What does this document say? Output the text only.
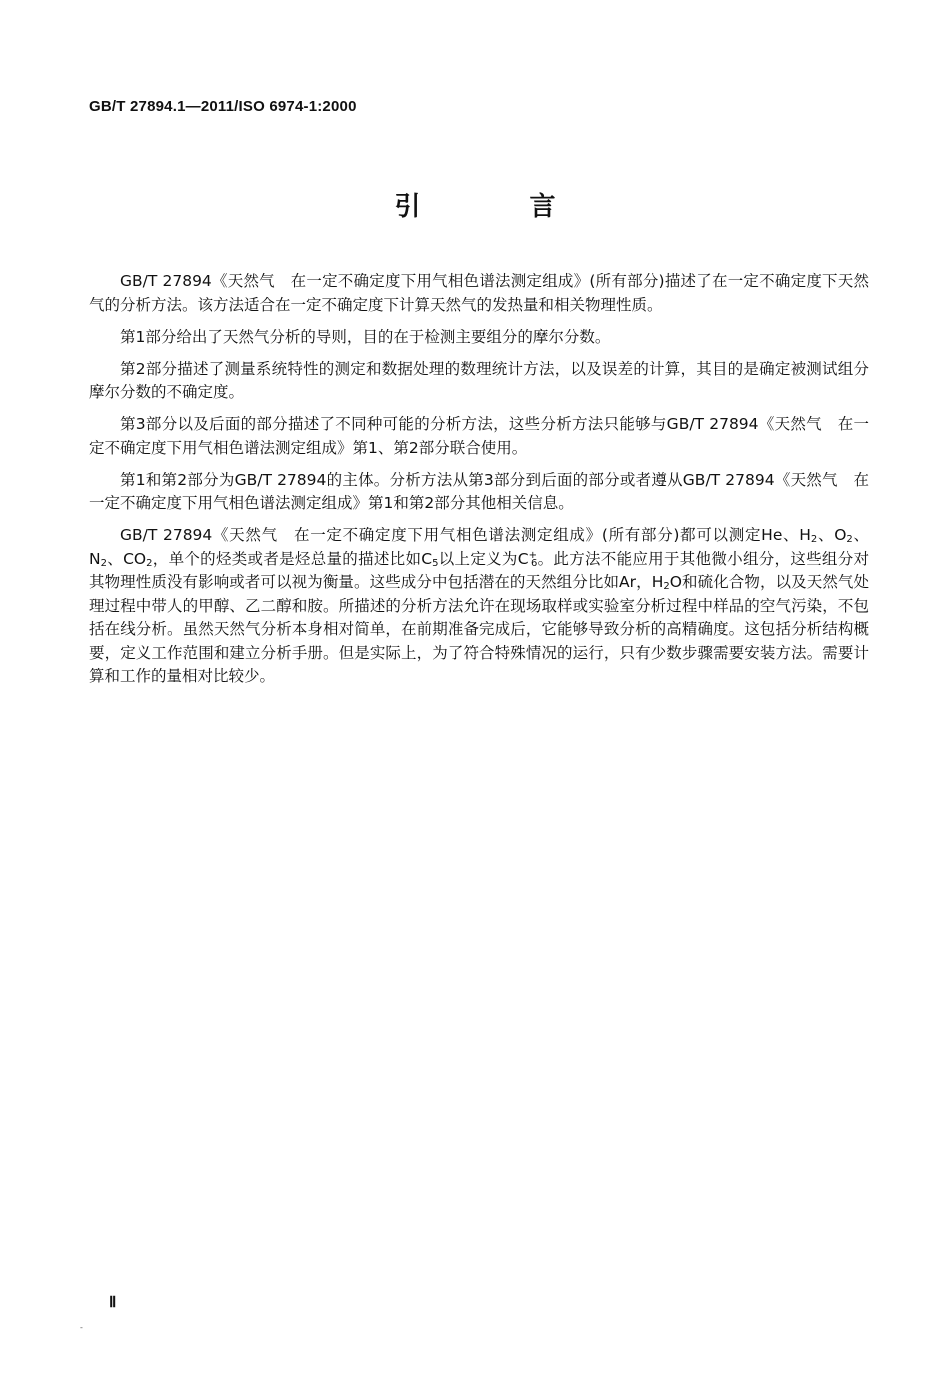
GB/T 27894.1—2011/ISO 6974-1:2000
引 言

GB/T 27894《天然气　在一定不确定度下用气相色谱法测定组成》(所有部分)描述了在一定不确定度下天然气的分析方法。该方法适合在一定不确定度下计算天然气的发热量和相关物理性质。

第1部分给出了天然气分析的导则，目的在于检测主要组分的摩尔分数。

第2部分描述了测量系统特性的测定和数据处理的数理统计方法，以及误差的计算，其目的是确定被测试组分摩尔分数的不确定度。

第3部分以及后面的部分描述了不同种可能的分析方法，这些分析方法只能够与GB/T 27894《天然气　在一定不确定度下用气相色谱法测定组成》第1、第2部分联合使用。

第1和第2部分为GB/T 27894的主体。分析方法从第3部分到后面的部分或者遵从GB/T 27894《天然气　在一定不确定度下用气相色谱法测定组成》第1和第2部分其他相关信息。

GB/T 27894《天然气　在一定不确定度下用气相色谱法测定组成》(所有部分)都可以测定He、$H_2$、$O_2$、$N_2$、$CO_2$，单个的烃类或者是烃总量的描述比如$C_5$以上定义为$C^+_6$。此方法不能应用于其他微小组分，这些组分对其物理性质没有影响或者可以视为衡量。这些成分中包括潜在的天然组分比如Ar，$H_2O$和硫化合物，以及天然气处理过程中带人的甲醇、乙二醇和胺。所描述的分析方法允许在现场取样或实验室分析过程中样品的空气污染，不包括在线分析。虽然天然气分析本身相对简单，在前期准备完成后，它能够导致分析的高精确度。这包括分析结构概要，定义工作范围和建立分析手册。但是实际上，为了符合特殊情况的运行，只有少数步骤需要安装方法。需要计算和工作的量相对比较少。

Ⅱ
-
